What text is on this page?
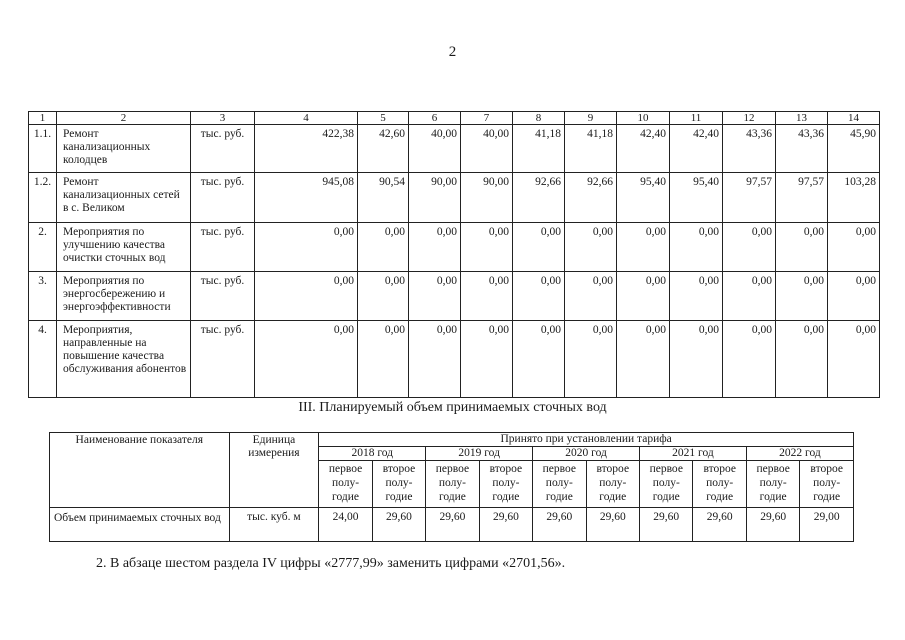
2
1	2	3	4	5	6	7	8	9	10	11	12	13	14
1.1.	Ремонт канализационных колодцев	тыс. руб.	422,38	42,60	40,00	40,00	41,18	41,18	42,40	42,40	43,36	43,36	45,90
1.2.	Ремонт канализационных сетей в с. Великом	тыс. руб.	945,08	90,54	90,00	90,00	92,66	92,66	95,40	95,40	97,57	97,57	103,28
2.	Мероприятия по улучшению качества очистки сточных вод	тыс. руб.	0,00	0,00	0,00	0,00	0,00	0,00	0,00	0,00	0,00	0,00	0,00
3.	Мероприятия по энергосбережению и энергоэффективности	тыс. руб.	0,00	0,00	0,00	0,00	0,00	0,00	0,00	0,00	0,00	0,00	0,00
4.	Мероприятия, направленные на повышение качества обслуживания абонентов	тыс. руб.	0,00	0,00	0,00	0,00	0,00	0,00	0,00	0,00	0,00	0,00	0,00
III. Планируемый объем принимаемых сточных вод
Наименование показателя	Единица измерения	Принято при установлении тарифа									
		2018 год		2019 год		2020 год		2021 год		2022 год	
		первое полу-годие	второе полу-годие	первое полу-годие	второе полу-годие	первое полу-годие	второе полу-годие	первое полу-годие	второе полу-годие	первое полу-годие	второе полу-годие
Объем принимаемых сточных вод	тыс. куб. м	24,00	29,60	29,60	29,60	29,60	29,60	29,60	29,60	29,60	29,00
2. В абзаце шестом раздела IV цифры «2777,99» заменить цифрами «2701,56».
